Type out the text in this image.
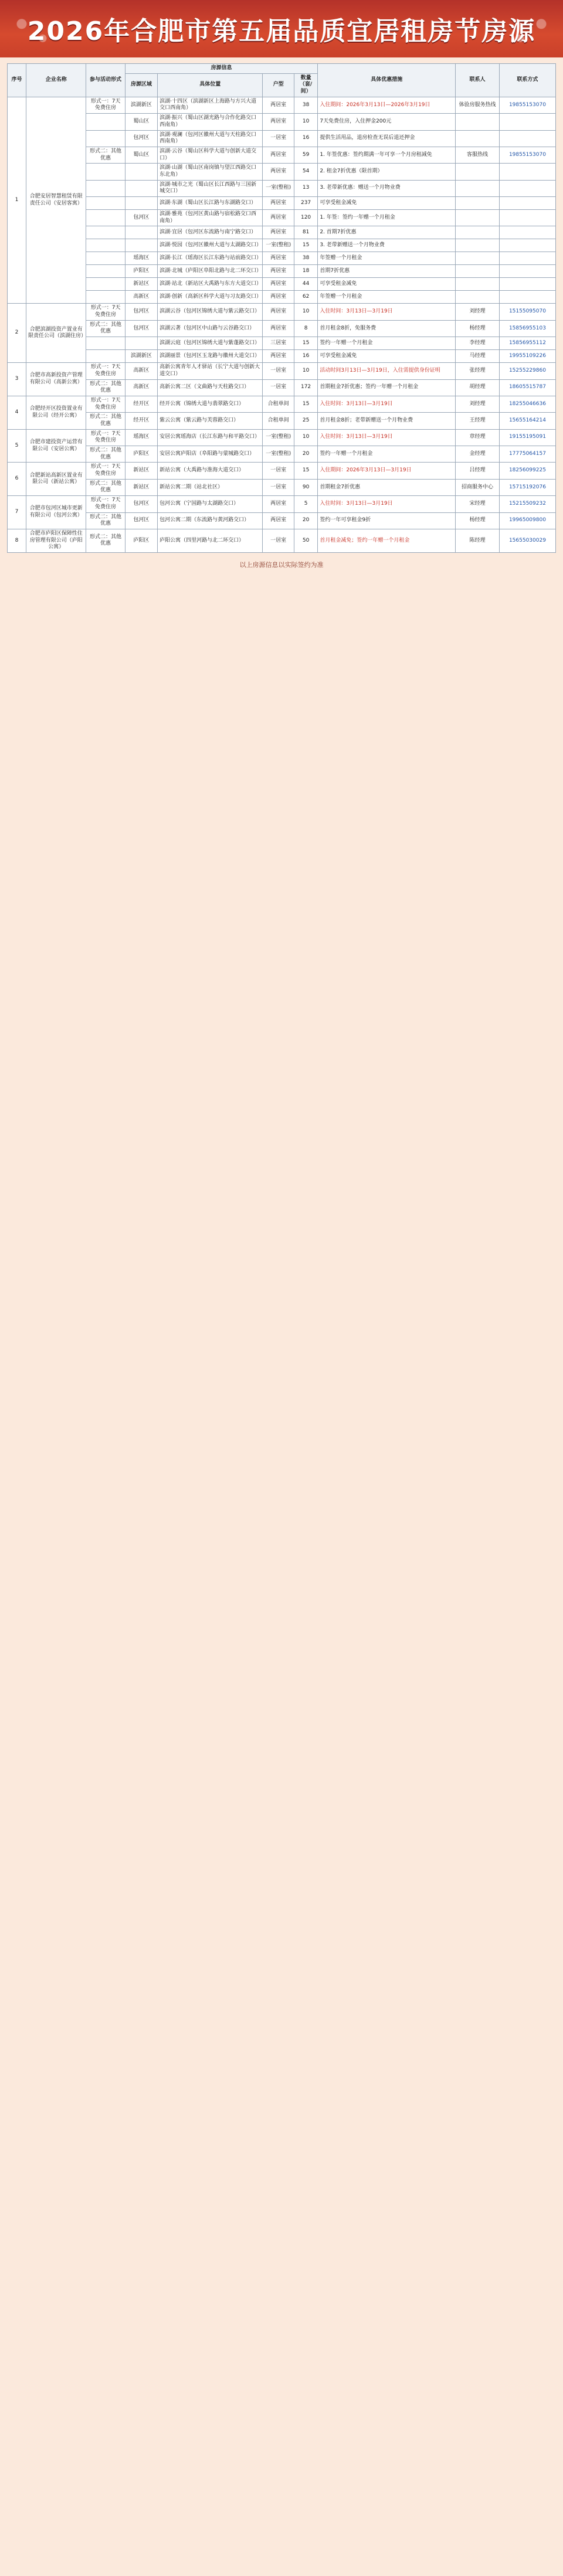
2026年合肥市第五届品质宜居租房节房源
序号	企业名称	参与活动形式	房源信息				具体优惠措施	联系人	联系方式
			房源区域	具体位置	户型	数量（套/间）			
1	合肥安居智慧租赁有限责任公司（安居客寓）	形式一：7天免费住房	滨湖新区	滨湖·十四区（滨湖新区上海路与方兴大道交口西南角）	两居室	38	入住期间：2026年3月13日—2026年3月19日	体验房服务热线	19855153070
			蜀山区	滨湖·振兴（蜀山区湖光路与合作化路交口西南角）	两居室	10	7天免费住房，入住押金200元		
			包河区	滨湖·观澜（包河区徽州大道与天柱路交口西南角）	一居室	16	提供生活用品，退房检查无误后退还押金		
		形式二：其他优惠	蜀山区	滨湖·云谷（蜀山区科学大道与创新大道交口）	两居室	59	1. 年签优惠：签约期满一年可享一个月房租减免	客服热线	19855153070
				滨湖·山湖（蜀山区南岗镇与望江西路交口东北角）	两居室	54	2. 租金7折优惠（限首期）		
				滨湖·城市之光（蜀山区长江西路与三国新城交口）	一室(整租)	13	3. 老带新优惠：赠送一个月物业费		
				滨湖·东湖（蜀山区长江路与东湖路交口）	两居室	237	可享受租金减免		
			包河区	滨湖·雅苑（包河区黄山路与宿松路交口西南角）	两居室	120	1. 年签：签约一年赠一个月租金		
				滨湖·宜居（包河区东流路与南宁路交口）	两居室	81	2. 首期7折优惠		
				滨湖·悦园（包河区徽州大道与太湖路交口）	一室(整租)	15	3. 老带新赠送一个月物业费		
			瑶海区	滨湖·长江（瑶海区长江东路与站前路交口）	两居室	38	年签赠一个月租金		
			庐阳区	滨湖·北城（庐阳区阜阳北路与北二环交口）	两居室	18	首期7折优惠		
			新站区	滨湖·站北（新站区大禹路与东方大道交口）	两居室	44	可享受租金减免		
			高新区	滨湖·创新（高新区科学大道与习友路交口）	两居室	62	年签赠一个月租金		
2	合肥滨湖投资产置业有限责任公司（滨湖住房）	形式一：7天免费住房	包河区	滨湖云谷（包河区锦绣大道与紫云路交口）	两居室	10	入住时间：3月13日—3月19日	刘经理	15155095070
		形式二：其他优惠	包河区	滨湖云著（包河区中山路与云谷路交口）	两居室	8	首月租金8折，免服务费	杨经理	15856955103
				滨湖云庭（包河区锦绣大道与紫蓬路交口）	三居室	15	签约一年赠一个月租金	李经理	15856955112
			滨湖新区	滨湖丽景（包河区玉龙路与徽州大道交口）	两居室	16	可享受租金减免	马经理	19955109226
3	合肥市高新投资产管理有限公司（高新公寓）	形式一：7天免费住房	高新区	高新公寓青年人才驿站（长宁大道与创新大道交口）	一居室	10	活动时间3月13日—3月19日，入住需提供身份证明	张经理	15255229860
		形式二：其他优惠	高新区	高新公寓二区（文曲路与天柱路交口）	一居室	172	首期租金7折优惠；签约一年赠一个月租金	胡经理	18605515787
4	合肥经开区投资置业有限公司（经开公寓）	形式一：7天免费住房	经开区	经开公寓（锦绣大道与翡翠路交口）	合租单间	15	入住时间：3月13日—3月19日	刘经理	18255046636
		形式二：其他优惠	经开区	紫云公寓（紫云路与芙蓉路交口）	合租单间	25	首月租金8折；老带新赠送一个月物业费	王经理	15655164214
5	合肥市建投资产运营有限公司（安居公寓）	形式一：7天免费住房	瑶海区	安居公寓瑶海店（长江东路与和平路交口）	一室(整租)	10	入住时间：3月13日—3月19日	章经理	19155195091
		形式二：其他优惠	庐阳区	安居公寓庐阳店（阜阳路与蒙城路交口）	一室(整租)	20	签约一年赠一个月租金	金经理	17775064157
6	合肥新站高新区置业有限公司（新站公寓）	形式一：7天免费住房	新站区	新站公寓（大禹路与淮海大道交口）	一居室	15	入住期间：2026年3月13日—3月19日	吕经理	18256099225
		形式二：其他优惠	新站区	新站公寓二期（站北社区）	一居室	90	首期租金7折优惠	招商服务中心	15715192076
7	合肥市包河区城市更新有限公司（包河公寓）	形式一：7天免费住房	包河区	包河公寓（宁国路与太湖路交口）	两居室	5	入住时间：3月13日—3月19日	宋经理	15215509232
		形式二：其他优惠	包河区	包河公寓二期（东流路与黄河路交口）	两居室	20	签约一年可享租金9折	杨经理	19965009800
8	合肥市庐阳区保障性住房管理有限公司（庐阳公寓）	形式二：其他优惠	庐阳区	庐阳公寓（四里河路与北二环交口）	一居室	50	首月租金减免；签约一年赠一个月租金	陈经理	15655030029
以上房源信息以实际签约为准
